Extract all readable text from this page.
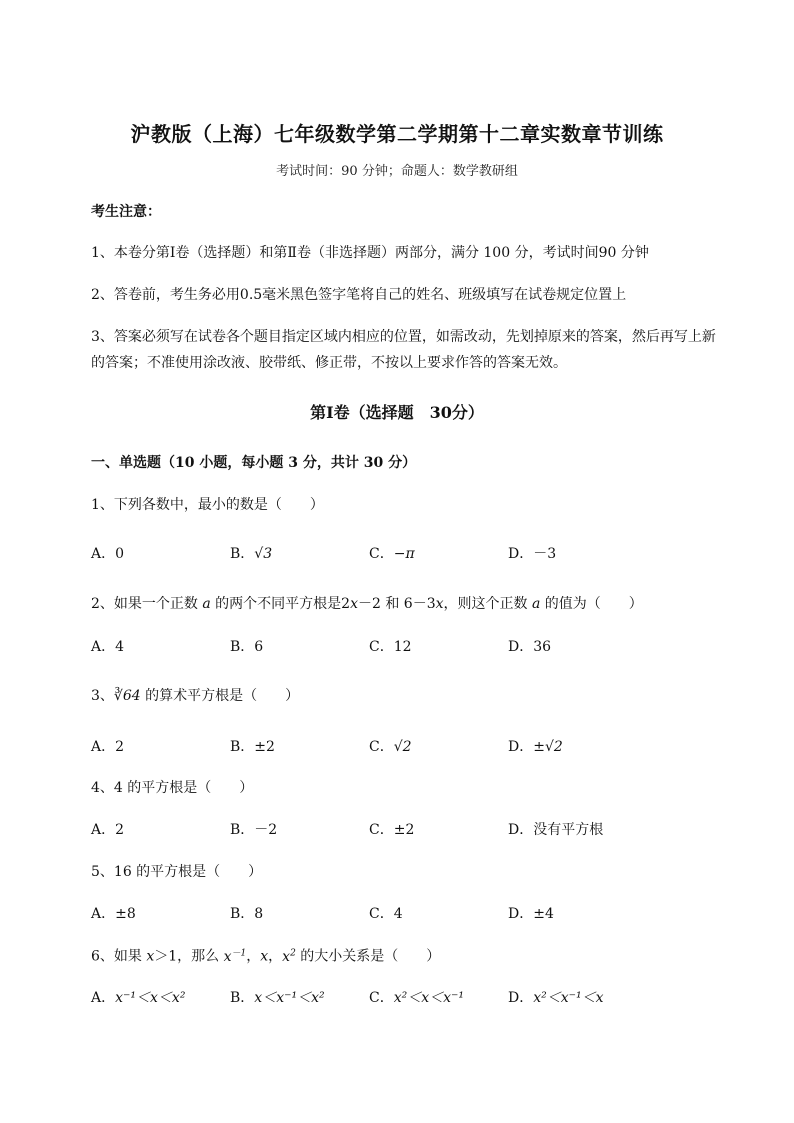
沪教版（上海）七年级数学第二学期第十二章实数章节训练
考试时间：90 分钟；命题人：数学教研组
考生注意：
1、本卷分第Ⅰ卷（选择题）和第Ⅱ卷（非选择题）两部分，满分 100 分，考试时间90 分钟
2、答卷前，考生务必用0.5毫米黑色签字笔将自己的姓名、班级填写在试卷规定位置上
3、答案必须写在试卷各个题目指定区域内相应的位置，如需改动，先划掉原来的答案，然后再写上新
的答案；不准使用涂改液、胶带纸、修正带，不按以上要求作答的答案无效。
第Ⅰ卷（选择题　30分）
一、单选题（10 小题，每小题 3 分，共计 30 分）
1、下列各数中，最小的数是（　　）
A．0	B．√3	C．−π	D．－3
2、如果一个正数 a 的两个不同平方根是2x－2 和 6－3x，则这个正数 a 的值为（　　）
A．4	B．6	C．12	D．36
3、∛64 的算术平方根是（　　）
A．2	B．±2	C．√2	D．±√2
4、4 的平方根是（　　）
A．2	B．－2	C．±2	D．没有平方根
5、16 的平方根是（　　）
A．±8	B．8	C．4	D．±4
6、如果 x＞1，那么 $x^{-1}$，x，$x^2$ 的大小关系是（　　）
A．x⁻¹＜x＜x²	B．x＜x⁻¹＜x²	C．x²＜x＜x⁻¹	D．x²＜x⁻¹＜x
